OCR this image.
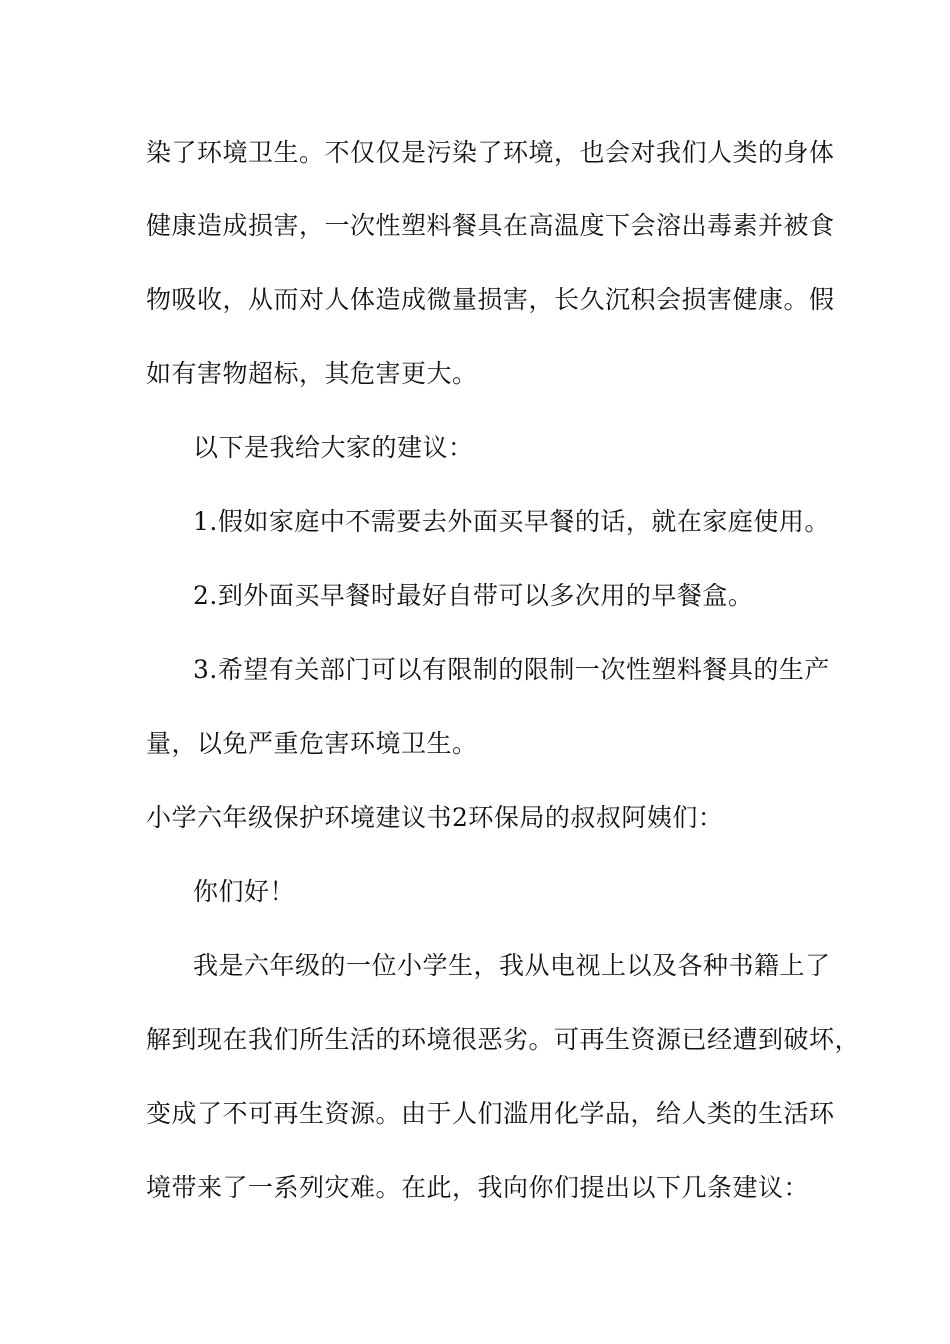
染了环境卫生。不仅仅是污染了环境，也会对我们人类的身体
健康造成损害，一次性塑料餐具在高温度下会溶出毒素并被食
物吸收，从而对人体造成微量损害，长久沉积会损害健康。假
如有害物超标，其危害更大。
以下是我给大家的建议：
1.假如家庭中不需要去外面买早餐的话，就在家庭使用。
2.到外面买早餐时最好自带可以多次用的早餐盒。
3.希望有关部门可以有限制的限制一次性塑料餐具的生产
量，以免严重危害环境卫生。
小学六年级保护环境建议书2环保局的叔叔阿姨们：
你们好！
我是六年级的一位小学生，我从电视上以及各种书籍上了
解到现在我们所生活的环境很恶劣。可再生资源已经遭到破坏，
变成了不可再生资源。由于人们滥用化学品，给人类的生活环
境带来了一系列灾难。在此，我向你们提出以下几条建议：
